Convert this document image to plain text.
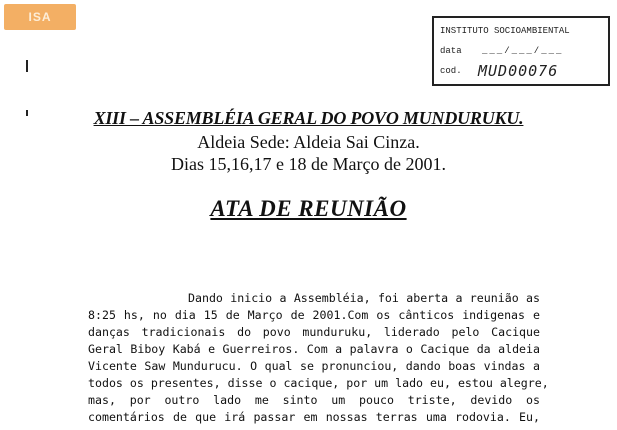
ISA
INSTITUTO SOCIOAMBIENTAL
data	___/___/___
cod.	MUD00076
XIII – ASSEMBLÉIA GERAL DO POVO MUNDURUKU.
Aldeia Sede: Aldeia Sai Cinza.
Dias 15,16,17 e 18 de Março de 2001.
ATA DE REUNIÃO
Dando inicio a Assembléia, foi aberta a reunião as
8:25 hs, no dia 15 de Março de 2001.Com os cânticos indigenas e
danças tradicionais do povo munduruku, liderado pelo Cacique
Geral Biboy Kabá e Guerreiros. Com a palavra o Cacique da aldeia
Vicente Saw Mundurucu. O qual se pronunciou, dando boas vindas a
todos os presentes, disse o cacique, por um lado eu, estou alegre,
mas, por outro lado me sinto um pouco triste, devido os
comentários de que irá passar em nossas terras uma rodovia. Eu,
